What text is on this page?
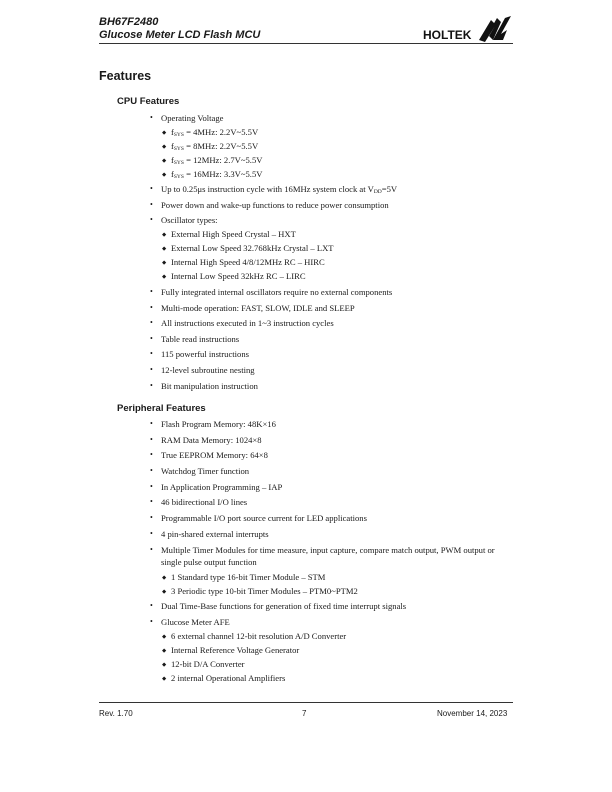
BH67F2480
Glucose Meter LCD Flash MCU	HOLTEK
Features
CPU Features
• Operating Voltage
◆ $f_{SYS} = 4MHz$: 2.2V~5.5V
◆ $f_{SYS} = 8MHz$: 2.2V~5.5V
◆ $f_{SYS} = 12MHz$: 2.7V~5.5V
◆ $f_{SYS} = 16MHz$: 3.3V~5.5V
• Up to 0.25μs instruction cycle with 16MHz system clock at $V_{DD}=5V$
• Power down and wake-up functions to reduce power consumption
• Oscillator types:
◆ External High Speed Crystal – HXT
◆ External Low Speed 32.768kHz Crystal – LXT
◆ Internal High Speed 4/8/12MHz RC – HIRC
◆ Internal Low Speed 32kHz RC – LIRC
• Fully integrated internal oscillators require no external components
• Multi-mode operation: FAST, SLOW, IDLE and SLEEP
• All instructions executed in 1~3 instruction cycles
• Table read instructions
• 115 powerful instructions
• 12-level subroutine nesting
• Bit manipulation instruction
Peripheral Features
• Flash Program Memory: 48K×16
• RAM Data Memory: 1024×8
• True EEPROM Memory: 64×8
• Watchdog Timer function
• In Application Programming – IAP
• 46 bidirectional I/O lines
• Programmable I/O port source current for LED applications
• 4 pin-shared external interrupts
• Multiple Timer Modules for time measure, input capture, compare match output, PWM output or single pulse output function
◆ 1 Standard type 16-bit Timer Module – STM
◆ 3 Periodic type 10-bit Timer Modules – PTM0~PTM2
• Dual Time-Base functions for generation of fixed time interrupt signals
• Glucose Meter AFE
◆ 6 external channel 12-bit resolution A/D Converter
◆ Internal Reference Voltage Generator
◆ 12-bit D/A Converter
◆ 2 internal Operational Amplifiers
Rev. 1.70	7	November 14, 2023
